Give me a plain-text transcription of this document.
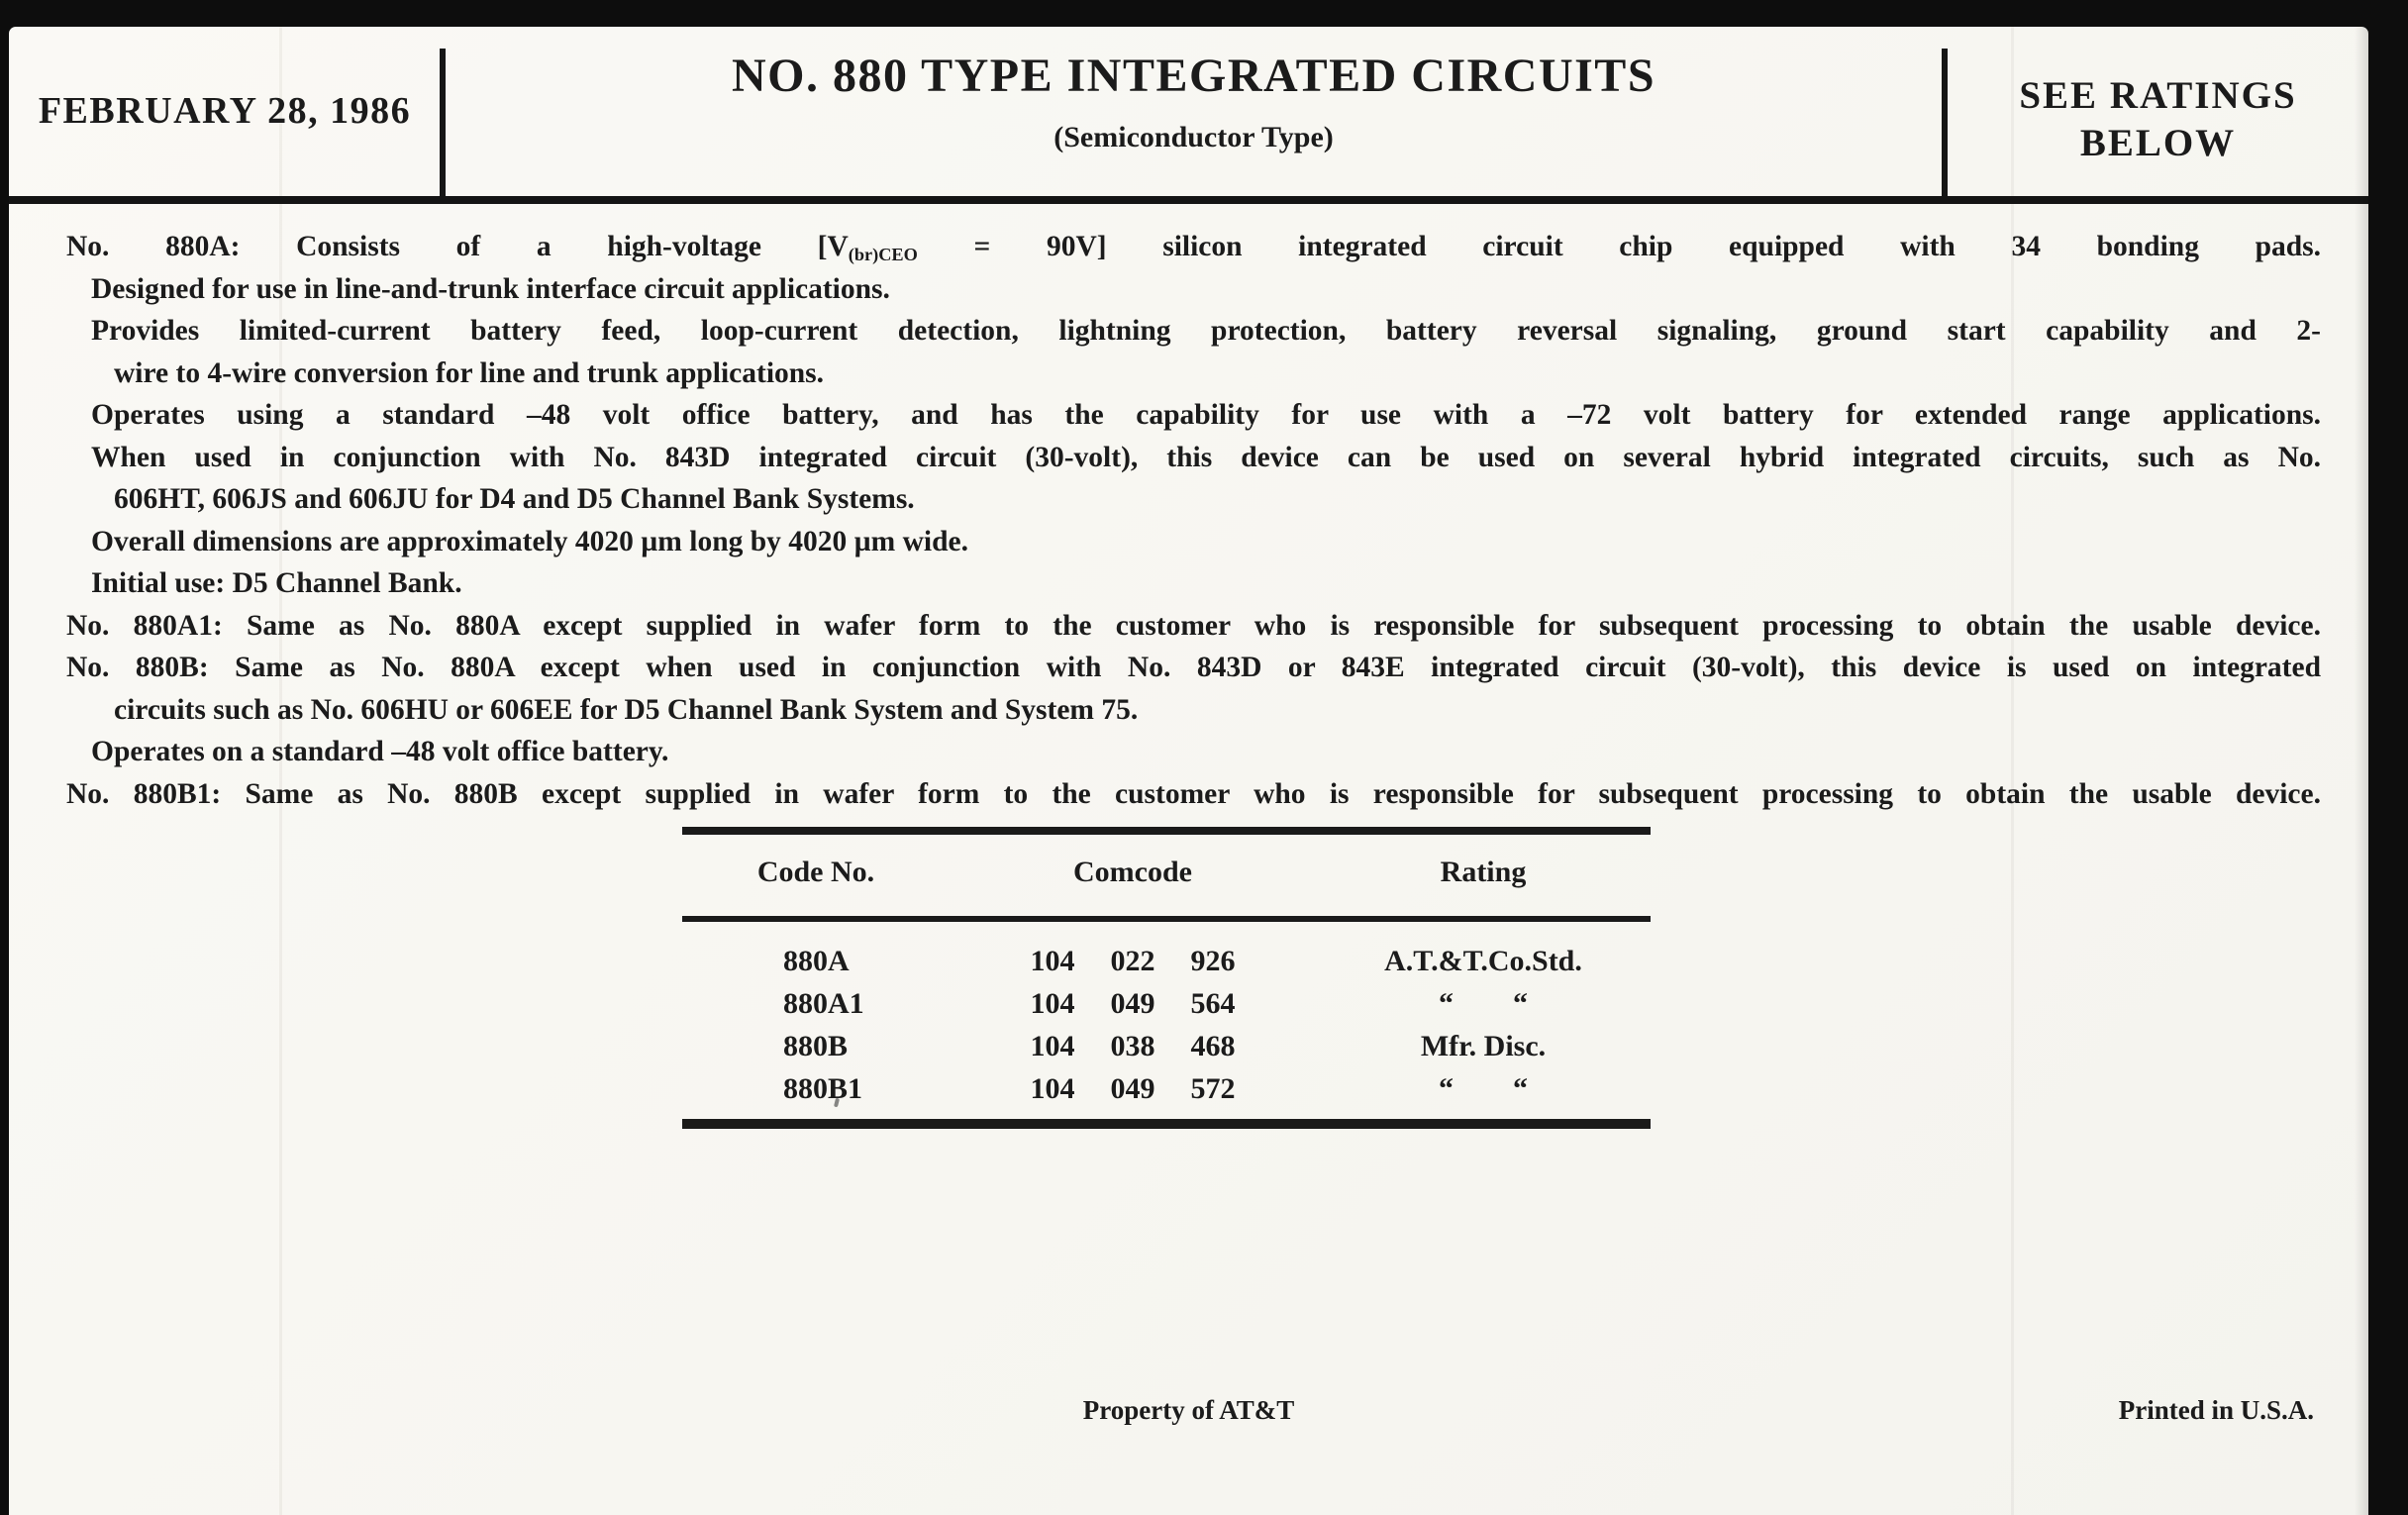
FEBRUARY 28, 1986
NO. 880 TYPE INTEGRATED CIRCUITS
(Semiconductor Type)
SEE RATINGS
BELOW
No. 880A: Consists of a high-voltage [V(br)CEO = 90V] silicon integrated circuit chip equipped with 34 bonding pads.
Designed for use in line-and-trunk interface circuit applications.
Provides limited-current battery feed, loop-current detection, lightning protection, battery reversal signaling, ground start capability and 2-
wire to 4-wire conversion for line and trunk applications.
Operates using a standard –48 volt office battery, and has the capability for use with a –72 volt battery for extended range applications.
When used in conjunction with No. 843D integrated circuit (30-volt), this device can be used on several hybrid integrated circuits, such as No.
606HT, 606JS and 606JU for D4 and D5 Channel Bank Systems.
Overall dimensions are approximately 4020 µm long by 4020 µm wide.
Initial use: D5 Channel Bank.
No. 880A1: Same as No. 880A except supplied in wafer form to the customer who is responsible for subsequent processing to obtain the usable device.
No. 880B: Same as No. 880A except when used in conjunction with No. 843D or 843E integrated circuit (30-volt), this device is used on integrated
circuits such as No. 606HU or 606EE for D5 Channel Bank System and System 75.
Operates on a standard –48 volt office battery.
No. 880B1: Same as No. 880B except supplied in wafer form to the customer who is responsible for subsequent processing to obtain the usable device.
Code No.	Comcode	Rating
880A	104 022 926	A.T.&T.Co.Std.
880A1	104 049 564	“    “
880B	104 038 468	Mfr. Disc.
880B1	104 049 572	“    “
Property of AT&T	Printed in U.S.A.
